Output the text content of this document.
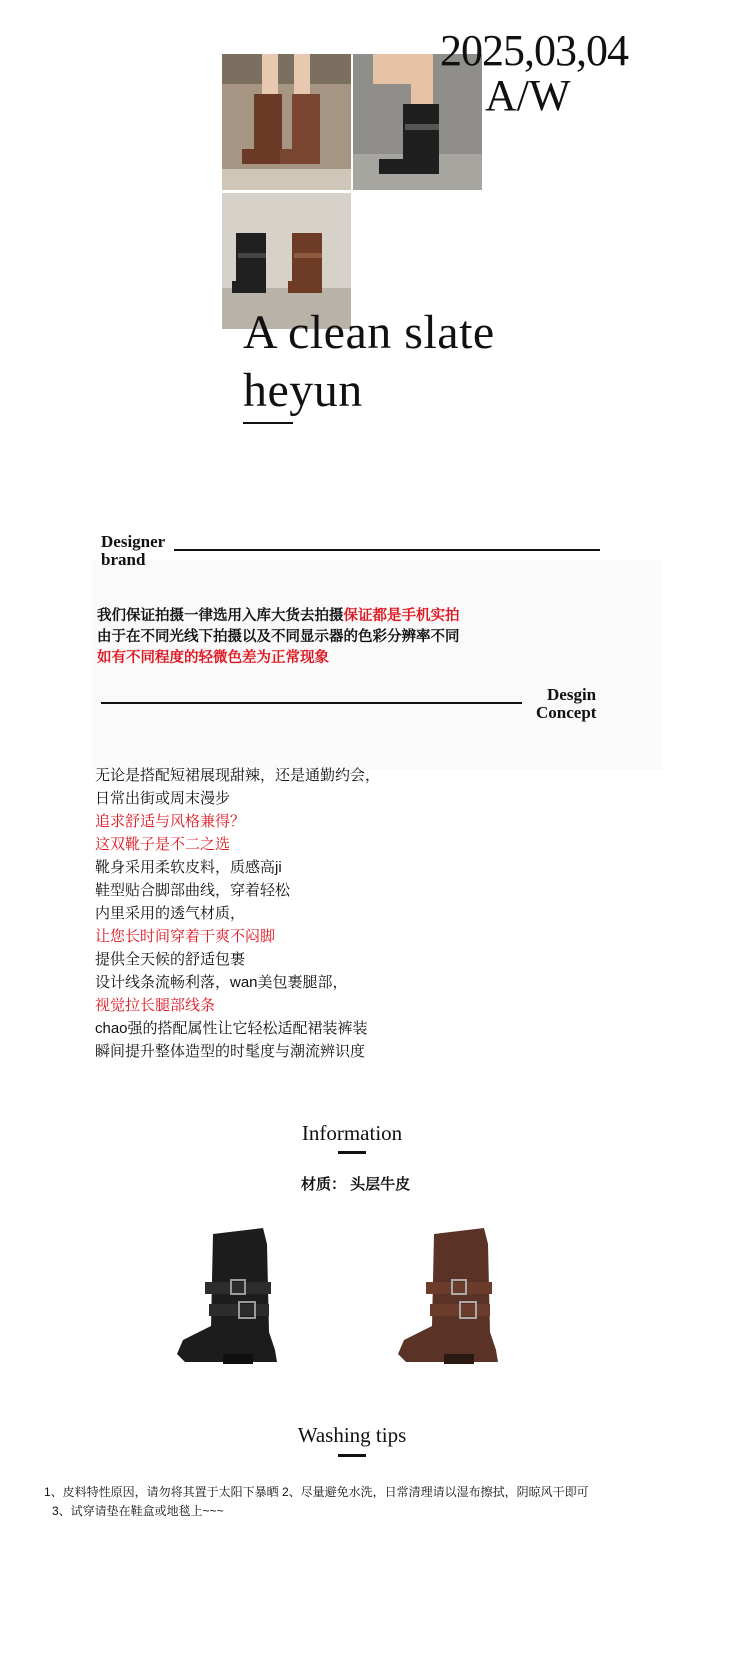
2025,03,04
A/W
A clean slate
heyun
Designer
brand
我们保证拍摄一律选用入库大货去拍摄保证都是手机实拍
由于在不同光线下拍摄以及不同显示器的色彩分辨率不同
如有不同程度的轻微色差为正常现象
Desgin
Concept

无论是搭配短裙展现甜辣，还是通勤约会，

日常出街或周末漫步

追求舒适与风格兼得？

这双靴子是不二之选

靴身采用柔软皮料，质感高ji

鞋型贴合脚部曲线，穿着轻松

内里采用的透气材质，

让您长时间穿着干爽不闷脚

提供全天候的舒适包裹

设计线条流畅利落，wan美包裹腿部，

视觉拉长腿部线条

chao强的搭配属性让它轻松适配裙装裤装

瞬间提升整体造型的时髦度与潮流辨识度

Information
材质： 头层牛皮
Washing tips
1、皮料特性原因，请勿将其置于太阳下暴晒 2、尽量避免水洗，日常清理请以湿布擦拭，阴晾风干即可
3、试穿请垫在鞋盒或地毯上~~~
